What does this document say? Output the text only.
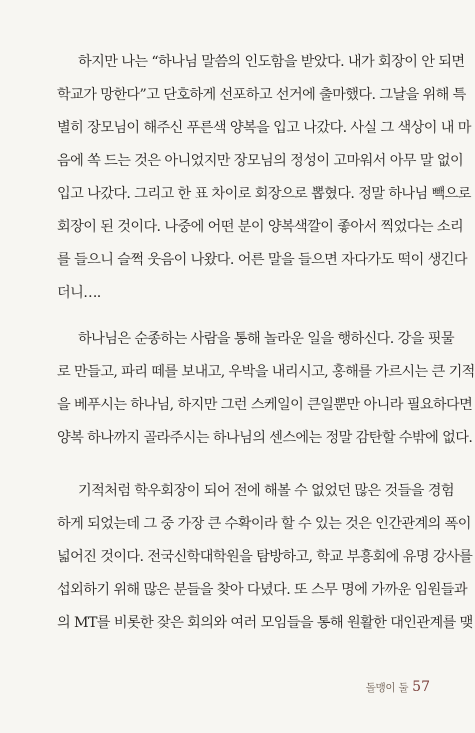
하지만 나는 “하나님 말씀의 인도함을 받았다. 내가 회장이 안 되면
학교가 망한다”고 단호하게 선포하고 선거에 출마했다. 그날을 위해 특
별히 장모님이 해주신 푸른색 양복을 입고 나갔다. 사실 그 색상이 내 마
음에 쏙 드는 것은 아니었지만 장모님의 정성이 고마워서 아무 말 없이
입고 나갔다. 그리고 한 표 차이로 회장으로 뽑혔다. 정말 하나님 빽으로
회장이 된 것이다. 나중에 어떤 분이 양복색깔이 좋아서 찍었다는 소리
를 들으니 슬쩍 웃음이 나왔다. 어른 말을 들으면 자다가도 떡이 생긴다
더니….
하나님은 순종하는 사람을 통해 놀라운 일을 행하신다. 강을 핏물
로 만들고, 파리 떼를 보내고, 우박을 내리시고, 홍해를 가르시는 큰 기적
을 베푸시는 하나님, 하지만 그런 스케일이 큰일뿐만 아니라 필요하다면
양복 하나까지 골라주시는 하나님의 센스에는 정말 감탄할 수밖에 없다.
기적처럼 학우회장이 되어 전에 해볼 수 없었던 많은 것들을 경험
하게 되었는데 그 중 가장 큰 수확이라 할 수 있는 것은 인간관계의 폭이
넓어진 것이다. 전국신학대학원을 탐방하고, 학교 부흥회에 유명 강사를
섭외하기 위해 많은 분들을 찾아 다녔다. 또 스무 명에 가까운 임원들과
의 MT를 비롯한 잦은 회의와 여러 모임들을 통해 원활한 대인관계를 맺
돌맹이 둘 57
